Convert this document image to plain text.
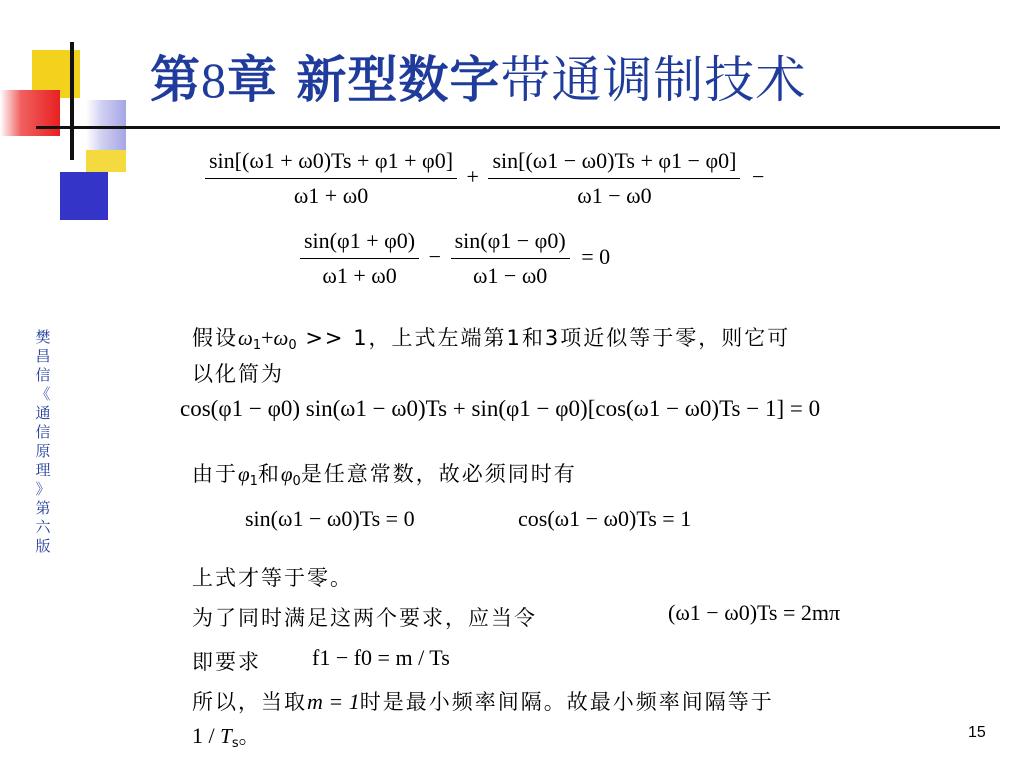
第8章 新型数字带通调制技术
樊
昌
信
《
通
信
原
理
》
第
六
版
$\frac{\sin[(\omega 1 + \omega 0)Ts + \varphi 1 + \varphi 0]}{\omega 1 + \omega 0} + \frac{\sin[(\omega 1 - \omega 0)Ts + \varphi 1 - \varphi 0]}{\omega 1 - \omega 0}$ −
$\frac{\sin(\varphi 1 + \varphi 0)}{\omega 1 + \omega 0} - \frac{\sin(\varphi 1 - \varphi 0)}{\omega 1 - \omega 0} = 0$
假设$\omega_1+\omega_0 >> 1$，上式左端第1和3项近似等于零，则它可
以化简为
cos(φ1 − φ0) sin(ω1 − ω0)Ts + sin(φ1 − φ0)[cos(ω1 − ω0)Ts − 1] = 0
由于$\varphi_1$和$\varphi_0$是任意常数，故必须同时有
sin(ω1 − ω0)Ts = 0	cos(ω1 − ω0)Ts = 1
上式才等于零。
为了同时满足这两个要求，应当令	(ω1 − ω0)Ts = 2mπ
即要求 f1 − f0 = m / Ts
所以，当取m = 1时是最小频率间隔。故最小频率间隔等于
$1 / T_s$。	15
